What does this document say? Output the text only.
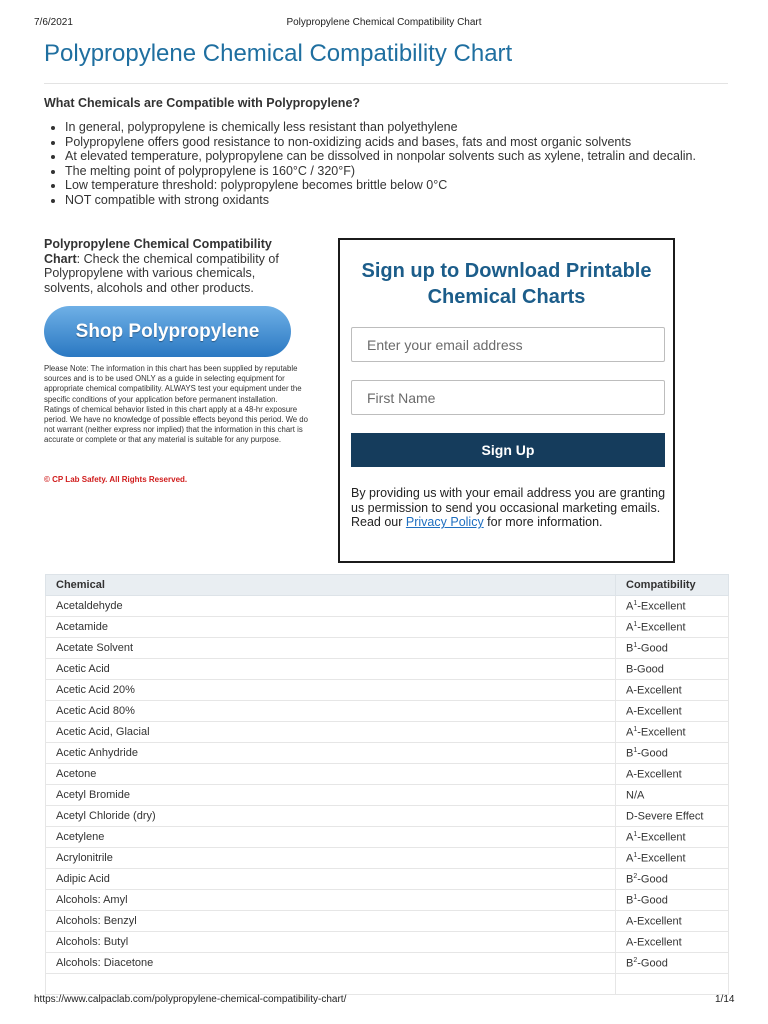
7/6/2021	Polypropylene Chemical Compatibility Chart
Polypropylene Chemical Compatibility Chart
What Chemicals are Compatible with Polypropylene?
• In general, polypropylene is chemically less resistant than polyethylene
• Polypropylene offers good resistance to non-oxidizing acids and bases, fats and most organic solvents
• At elevated temperature, polypropylene can be dissolved in nonpolar solvents such as xylene, tetralin and decalin.
• The melting point of polypropylene is 160°C / 320°F)
• Low temperature threshold: polypropylene becomes brittle below 0°C
• NOT compatible with strong oxidants

Polypropylene Chemical Compatibility Chart: Check the chemical compatibility of Polypropylene with various chemicals, solvents, alcohols and other products.

Shop Polypropylene
Please Note: The information in this chart has been supplied by reputable sources and is to be used ONLY as a guide in selecting equipment for appropriate chemical compatibility. ALWAYS test your equipment under the specific conditions of your application before permanent installation.
Ratings of chemical behavior listed in this chart apply at a 48-hr exposure period. We have no knowledge of possible effects beyond this period. We do not warrant (neither express nor implied) that the information in this chart is accurate or complete or that any material is suitable for any purpose.

© CP Lab Safety. All Rights Reserved.

Sign up to Download Printable Chemical Charts
Enter your email address
First Name
Sign Up

By providing us with your email address you are granting us permission to send you occasional marketing emails. Read our Privacy Policy for more information.

Chemical	Compatibility
Acetaldehyde	$A^1$-Excellent
Acetamide	$A^1$-Excellent
Acetate Solvent	$B^1$-Good
Acetic Acid	B-Good
Acetic Acid 20%	A-Excellent
Acetic Acid 80%	A-Excellent
Acetic Acid, Glacial	$A^1$-Excellent
Acetic Anhydride	$B^1$-Good
Acetone	A-Excellent
Acetyl Bromide	N/A
Acetyl Chloride (dry)	D-Severe Effect
Acetylene	$A^1$-Excellent
Acrylonitrile	$A^1$-Excellent
Adipic Acid	$B^2$-Good
Alcohols: Amyl	$B^1$-Good
Alcohols: Benzyl	A-Excellent
Alcohols: Butyl	A-Excellent
Alcohols: Diacetone	$B^2$-Good

https://www.calpaclab.com/polypropylene-chemical-compatibility-chart/	1/14
